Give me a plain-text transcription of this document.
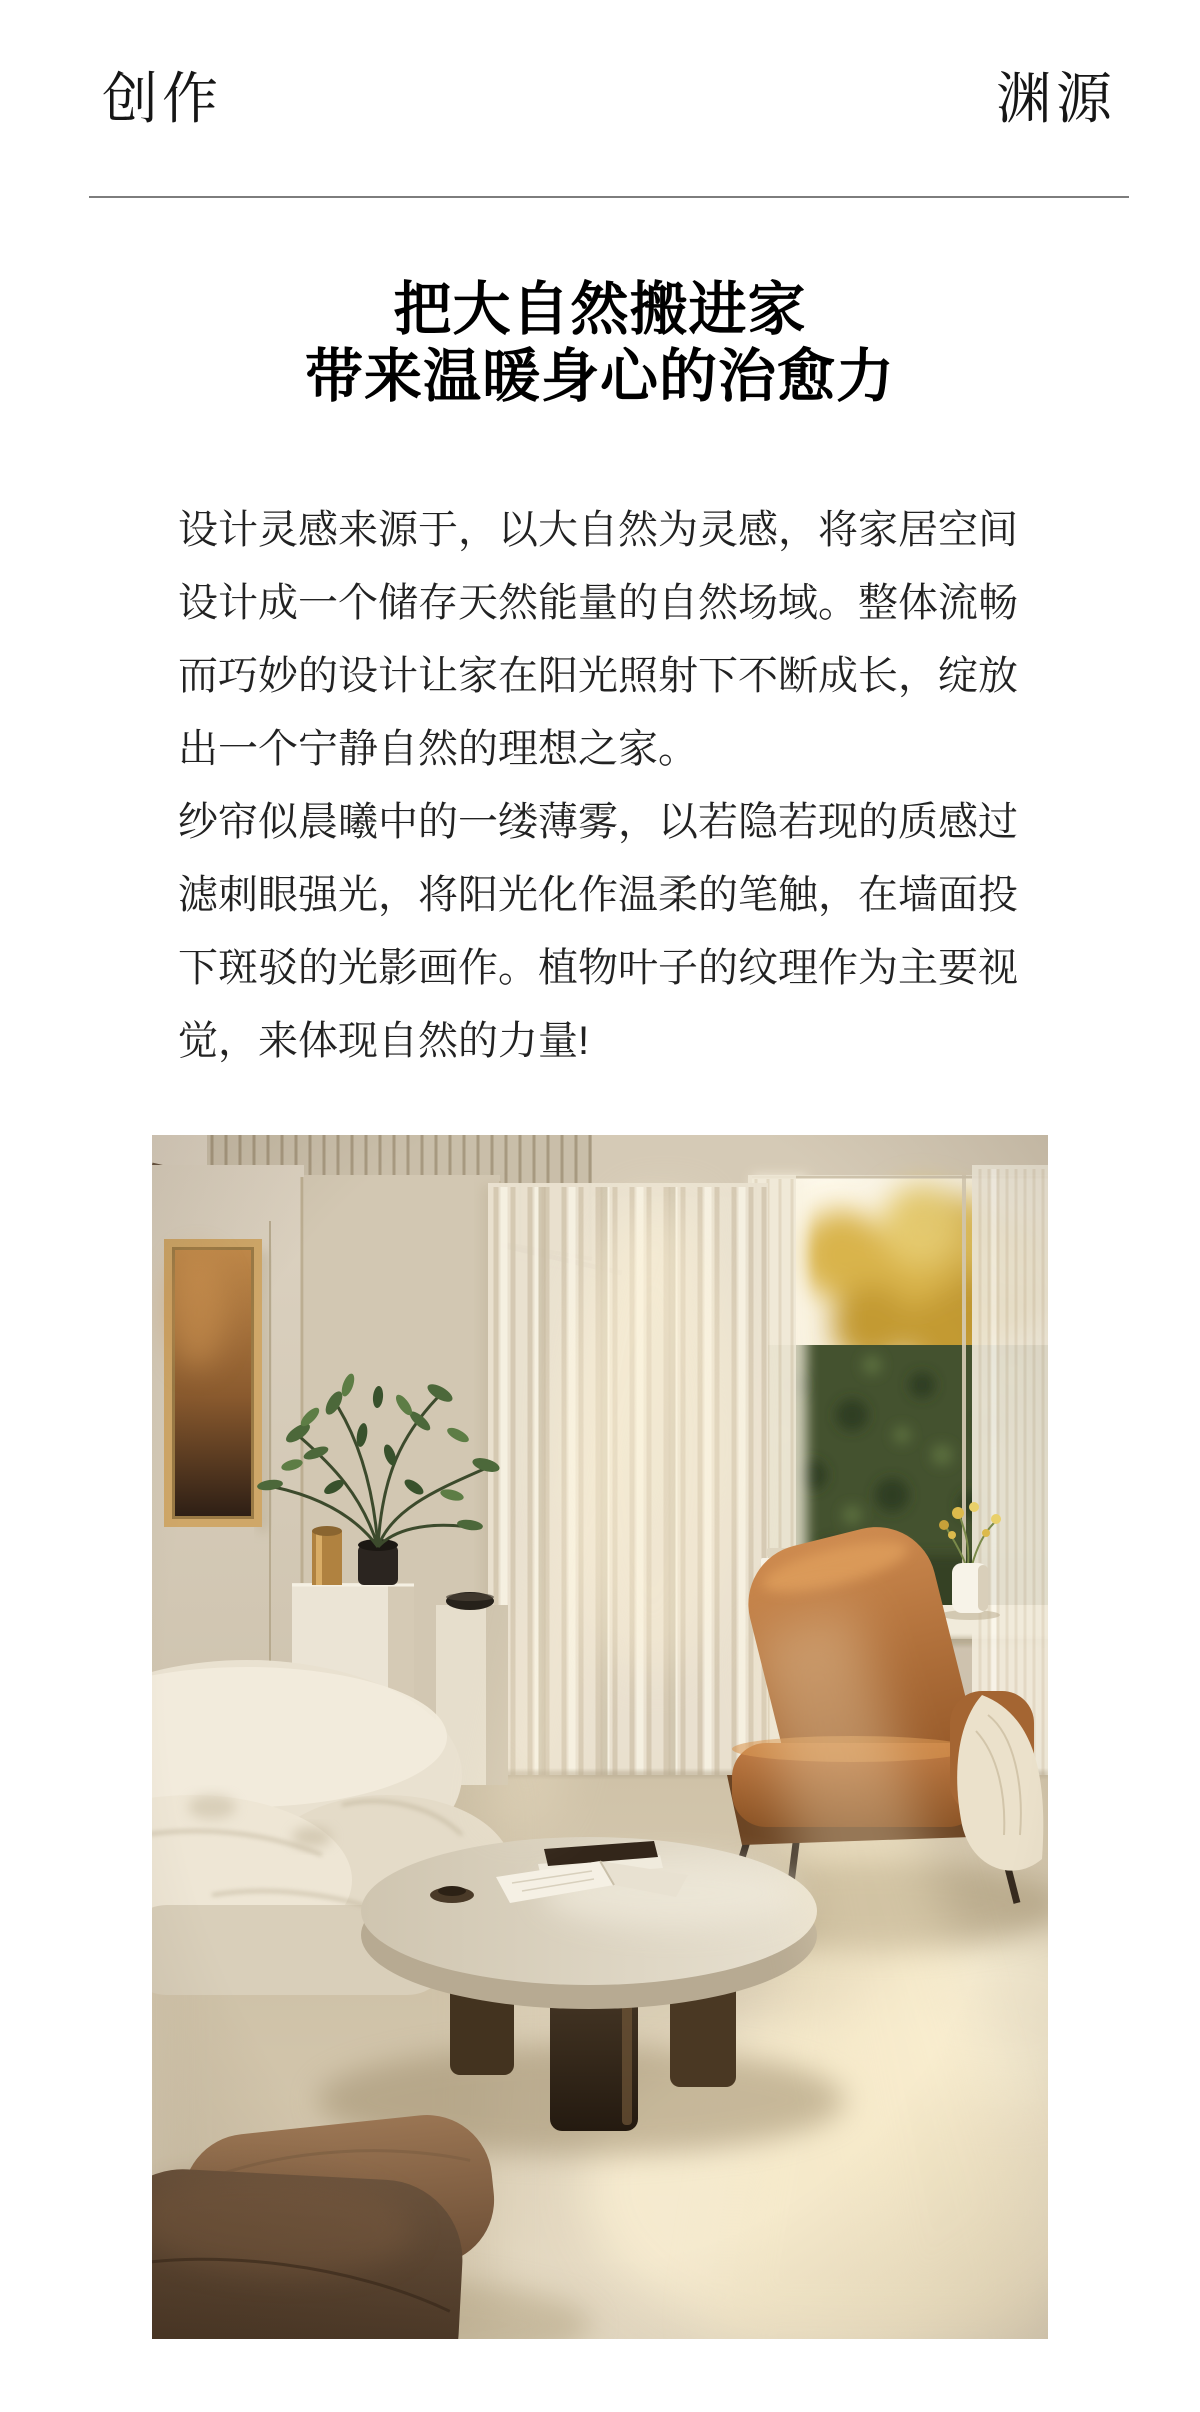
创作	渊源
把大自然搬进家
带来温暖身心的治愈力

设计灵感来源于，以大自然为灵感，将家居空间
设计成一个储存天然能量的自然场域。整体流畅
而巧妙的设计让家在阳光照射下不断成长，绽放
出一个宁静自然的理想之家。

纱帘似晨曦中的一缕薄雾，以若隐若现的质感过
滤刺眼强光，将阳光化作温柔的笔触，在墙面投
下斑驳的光影画作。植物叶子的纹理作为主要视
觉，来体现自然的力量!
